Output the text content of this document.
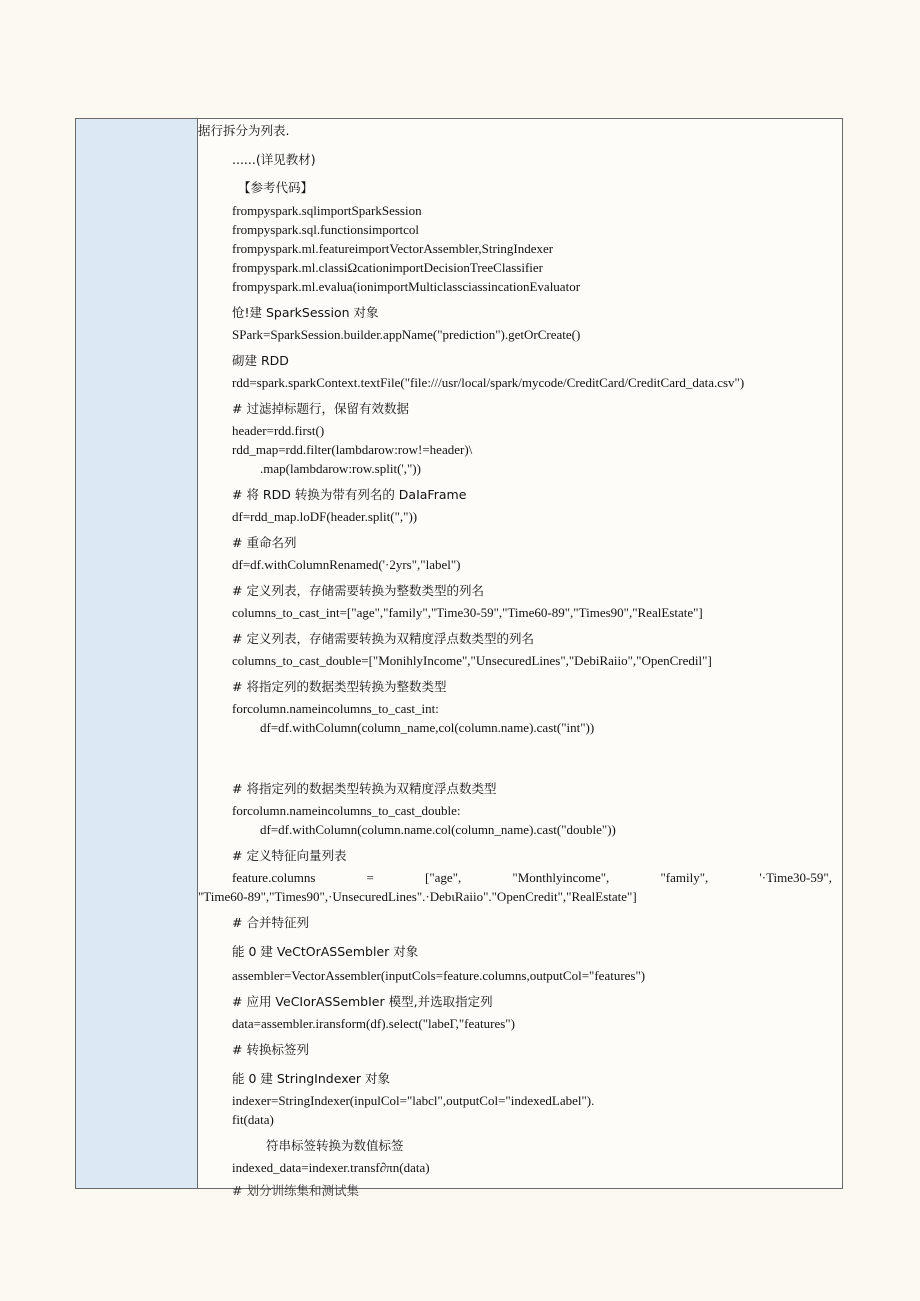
据行拆分为列表.
......(详见教材)
【参考代码】
frompyspark.sqlimportSparkSession
frompyspark.sql.functionsimportcol
frompyspark.ml.featureimportVectorAssembler,StringIndexer
frompyspark.ml.classiΩcationimportDecisionTreeClassifier
frompyspark.ml.evalua(ionimportMulticlassciassincationEvaluator
怆!建 SparkSession 对象
SPark=SparkSession.builder.appName("prediction").getOrCreate()
砌建 RDD
rdd=spark.sparkContext.textFile("file:///usr/local/spark/mycode/CreditCard/CreditCard_data.csv")
# 过滤掉标题行，保留有效数据
header=rdd.first()
rdd_map=rdd.filter(lambdarow:row!=header)\
.map(lambdarow:row.split(',"))
# 将 RDD 转换为带有列名的 DaIaFrame
df=rdd_map.loDF(header.split(","))
# 重命名列
df=df.withColumnRenamed('·2yrs","label")
# 定义列表，存储需要转换为整数类型的列名
columns_to_cast_int=["age","family","Time30-59","Time60-89","Times90","RealEstate"]
# 定义列表，存储需要转换为双精度浮点数类型的列名
columns_to_cast_double=["MonihlyIncome","UnsecuredLines","DebiRaiio","OpenCredil"]
# 将指定列的数据类型转换为整数类型
forcolumn.nameincolumns_to_cast_int:
df=df.withColumn(column_name,col(column.name).cast("int"))
# 将指定列的数据类型转换为双精度浮点数类型
forcolumn.nameincolumns_to_cast_double:
df=df.withColumn(column.name.col(column_name).cast("double"))
# 定义特征向量列表
feature.columns	=	["age",	"Monthlyincome",	"family",	'·Time30-59",
"Time60-89","Times90",·UnsecuredLines".·DebιRaiio"."OpenCredit","RealEstate"]
# 合并特征列
能 0 建 VeCtOrASSembler 对象
assembler=VectorAssembler(inputCols=feature.columns,outputCol="features")
# 应用 VeCIorASSembIer 模型,并选取指定列
data=assembler.iransform(df).select("labeΓ,"features")
# 转换标签列
能 0 建 StringIndexer 对象
indexer=StringIndexer(inpulCol="labcl",outputCol="indexedLabel").
fit(data)
符串标签转换为数值标签
indexed_data=indexer.transf∂πn(data)
# 划分训练集和测试集
